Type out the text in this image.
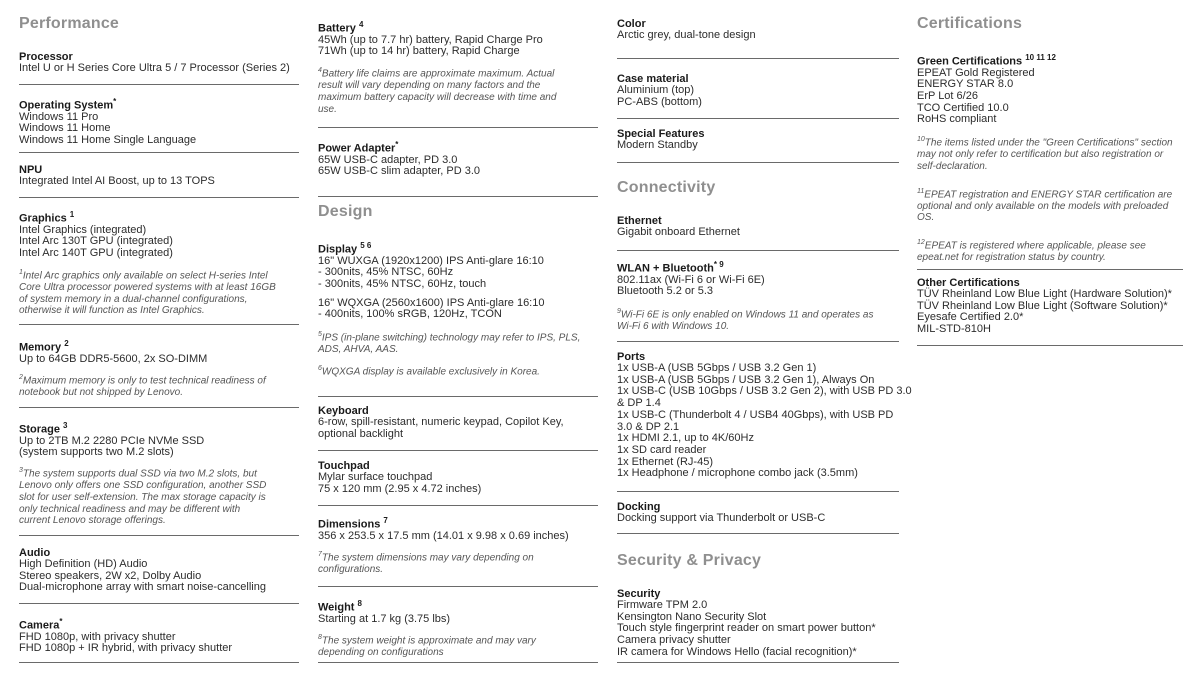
Performance
Processor
Intel U or H Series Core Ultra 5 / 7 Processor (Series 2)
Operating System*
Windows 11 Pro
Windows 11 Home
Windows 11 Home Single Language
NPU
Integrated Intel AI Boost, up to 13 TOPS
Graphics $^1$
Intel Graphics (integrated)
Intel Arc 130T GPU (integrated)
Intel Arc 140T GPU (integrated)
$^1$Intel Arc graphics only available on select H-series Intel
Core Ultra processor powered systems with at least 16GB
of system memory in a dual-channel configurations,
otherwise it will function as Intel Graphics.
Memory $^2$
Up to 64GB DDR5-5600, 2x SO-DIMM
$^2$Maximum memory is only to test technical readiness of
notebook but not shipped by Lenovo.
Storage $^3$
Up to 2TB M.2 2280 PCIe NVMe SSD
(system supports two M.2 slots)
$^3$The system supports dual SSD via two M.2 slots, but
Lenovo only offers one SSD configuration, another SSD
slot for user self-extension. The max storage capacity is
only technical readiness and may be different with
current Lenovo storage offerings.
Audio
High Definition (HD) Audio
Stereo speakers, 2W x2, Dolby Audio
Dual-microphone array with smart noise-cancelling
Camera*
FHD 1080p, with privacy shutter
FHD 1080p + IR hybrid, with privacy shutter
Battery $^4$
45Wh (up to 7.7 hr) battery, Rapid Charge Pro
71Wh (up to 14 hr) battery, Rapid Charge
$^4$Battery life claims are approximate maximum. Actual
result will vary depending on many factors and the
maximum battery capacity will decrease with time and
use.
Power Adapter*
65W USB-C adapter, PD 3.0
65W USB-C slim adapter, PD 3.0
Design
Display $^{5 6}$
16" WUXGA (1920x1200) IPS Anti-glare 16:10
- 300nits, 45% NTSC, 60Hz
- 300nits, 45% NTSC, 60Hz, touch
16" WQXGA (2560x1600) IPS Anti-glare 16:10
- 400nits, 100% sRGB, 120Hz, TCON
$^5$IPS (in-plane switching) technology may refer to IPS, PLS,
ADS, AHVA, AAS.
$^6$WQXGA display is available exclusively in Korea.
Keyboard
6-row, spill-resistant, numeric keypad, Copilot Key,
optional backlight
Touchpad
Mylar surface touchpad
75 x 120 mm (2.95 x 4.72 inches)
Dimensions $^7$
356 x 253.5 x 17.5 mm (14.01 x 9.98 x 0.69 inches)
$^7$The system dimensions may vary depending on
configurations.
Weight $^8$
Starting at 1.7 kg (3.75 lbs)
$^8$The system weight is approximate and may vary
depending on configurations
Color
Arctic grey, dual-tone design
Case material
Aluminium (top)
PC-ABS (bottom)
Special Features
Modern Standby
Connectivity
Ethernet
Gigabit onboard Ethernet
WLAN + Bluetooth$^{* 9}$
802.11ax (Wi-Fi 6 or Wi-Fi 6E)
Bluetooth 5.2 or 5.3
$^9$Wi-Fi 6E is only enabled on Windows 11 and operates as
Wi-Fi 6 with Windows 10.
Ports
1x USB-A (USB 5Gbps / USB 3.2 Gen 1)
1x USB-A (USB 5Gbps / USB 3.2 Gen 1), Always On
1x USB-C (USB 10Gbps / USB 3.2 Gen 2), with USB PD 3.0
& DP 1.4
1x USB-C (Thunderbolt 4 / USB4 40Gbps), with USB PD
3.0 & DP 2.1
1x HDMI 2.1, up to 4K/60Hz
1x SD card reader
1x Ethernet (RJ-45)
1x Headphone / microphone combo jack (3.5mm)
Docking
Docking support via Thunderbolt or USB-C
Security & Privacy
Security
Firmware TPM 2.0
Kensington Nano Security Slot
Touch style fingerprint reader on smart power button*
Camera privacy shutter
IR camera for Windows Hello (facial recognition)*
Certifications
Green Certifications $^{10 11 12}$
EPEAT Gold Registered
ENERGY STAR 8.0
ErP Lot 6/26
TCO Certified 10.0
RoHS compliant
$^{10}$The items listed under the "Green Certifications" section
may not only refer to certification but also registration or
self-declaration.
$^{11}$EPEAT registration and ENERGY STAR certification are
optional and only available on the models with preloaded
OS.
$^{12}$EPEAT is registered where applicable, please see
epeat.net for registration status by country.
Other Certifications
TÜV Rheinland Low Blue Light (Hardware Solution)*
TÜV Rheinland Low Blue Light (Software Solution)*
Eyesafe Certified 2.0*
MIL-STD-810H
